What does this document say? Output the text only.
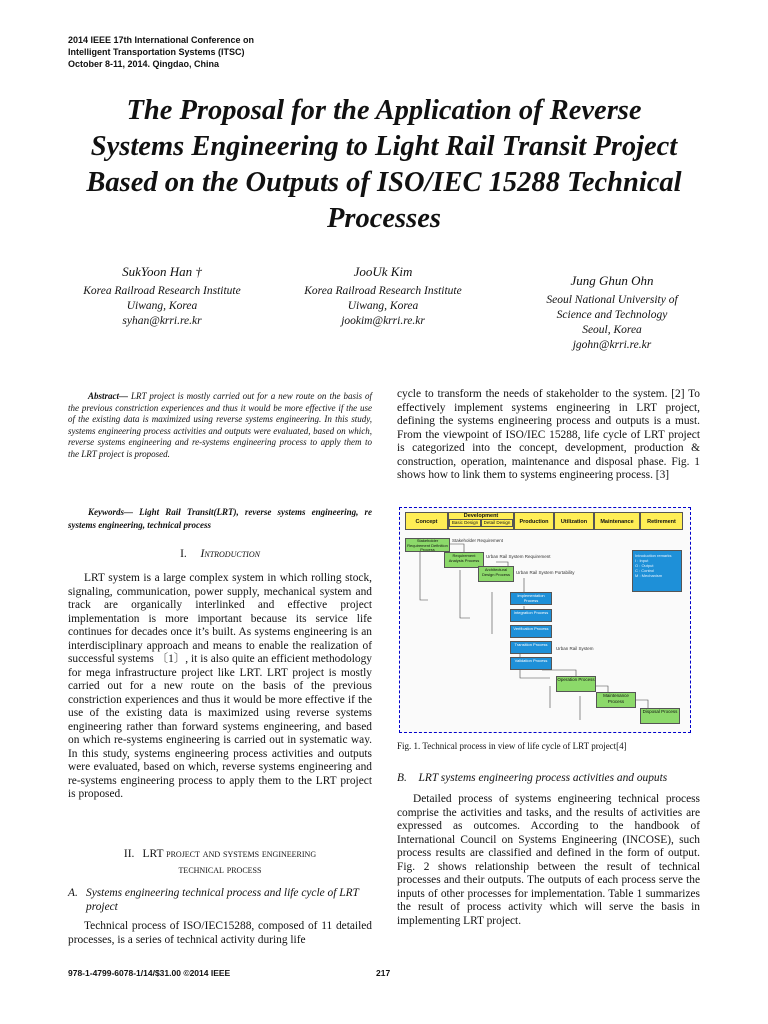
2014 IEEE 17th International Conference on
Intelligent Transportation Systems (ITSC)
October 8-11, 2014. Qingdao, China
The Proposal for the Application of Reverse
Systems Engineering to Light Rail Transit Project
Based on the Outputs of ISO/IEC 15288 Technical
Processes
SukYoon Han †
Korea Railroad Research Institute
Uiwang, Korea
syhan@krri.re.kr
JooUk Kim
Korea Railroad Research Institute
Uiwang, Korea
jookim@krri.re.kr
Jung Ghun Ohn
Seoul National University of
Science and Technology
Seoul, Korea
jgohn@krri.re.kr
Abstract— LRT project is mostly carried out for a new route on the basis of the previous constriction experiences and thus it would be more effective if the use of the existing data is maximized using reverse systems engineering. In this study, systems engineering process activities and outputs were evaluated, based on which, reverse systems engineering and re-systems engineering process to apply them to the LRT project is proposed.
Keywords— Light Rail Transit(LRT), reverse systems engineering, re systems engineering, technical process
I. Introduction

LRT system is a large complex system in which rolling stock, signaling, communication, power supply, mechanical system and track are organically interlinked and effective project implementation is more important because its service life continues for decades once it’s built. As systems engineering is an interdisciplinary approach and means to enable the realization of successful systems 〔1〕, it is also quite an efficient methodology for mega infrastructure project like LRT. LRT project is mostly carried out for a new route on the basis of the previous constriction experiences and thus it would be more effective if the use of the existing data is maximized using reverse systems engineering rather than forward systems engineering, and based on which re-systems engineering is carried out in systematic way. In this study, systems engineering process activities and outputs were evaluated, based on which, reverse systems engineering and re-systems engineering process to apply them to the LRT project is proposed.

II. LRT project and systems engineering
technical process
A. Systems engineering technical process and life cycle of LRT project

Technical process of ISO/IEC15288, composed of 11 detailed processes, is a series of technical activity during life

cycle to transform the needs of stakeholder to the system. [2] To effectively implement systems engineering in LRT project, defining the systems engineering process and outputs is a must. From the viewpoint of ISO/IEC 15288, life cycle of LRT project is categorized into the concept, development, production & construction, operation, maintenance and disposal phase. Fig. 1 shows how to link them to systems engineering process. [3]

Concept
Development
Basic Design	Detail Design	Production	Utilization	Maintenance	Retirement
Stakeholder Requirement Definition Process
Requirement Analysis Process
Architectural Design Process
Implementation Process
Integration Process
Verification Process
Transition Process
Validation Process
Operation Process
Maintenance Process
Disposal Process
Stakeholder Requirement
Urban Rail System Requirement
Urban Rail System Portability
Urban Rail System
Introduction remarks
I : Input
O : Output
C : Control
M : Mechanism
Fig. 1. Technical process in view of life cycle of LRT project[4]
B. LRT systems engineering process activities and ouputs

Detailed process of systems engineering technical process comprise the activities and tasks, and the results of activities are expressed as outcomes. According to the handbook of International Council on Systems Engineering (INCOSE), such process results are classified and defined in the form of output. Fig. 2 shows relationship between the result of technical processes and their outputs. The outputs of each process serve the inputs of other processes for implementation. Table 1 summarizes the result of process activity which will serve the basis in implementing LRT project.

978-1-4799-6078-1/14/$31.00 ©2014 IEEE	217
